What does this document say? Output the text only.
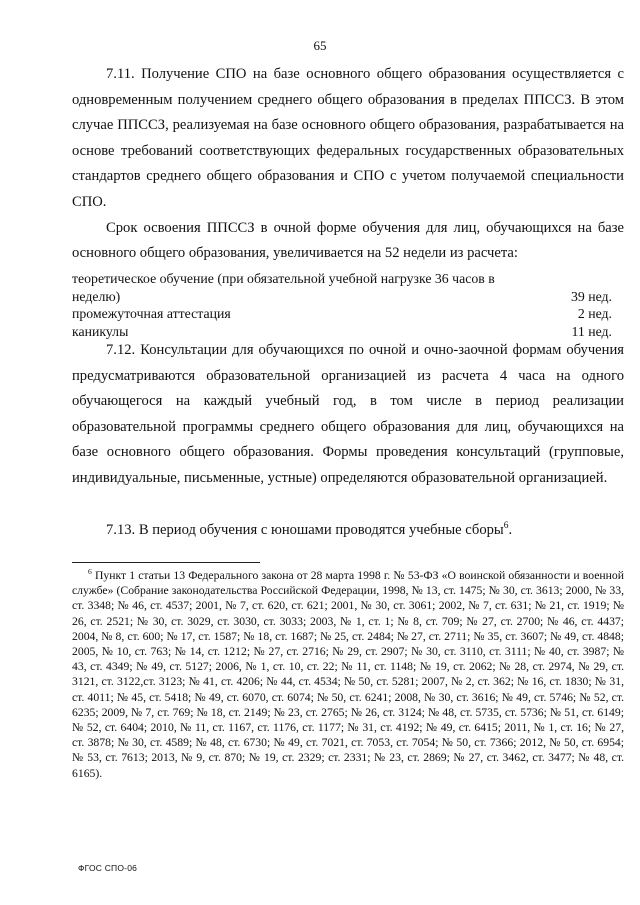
65

7.11. Получение СПО на базе основного общего образования осуществляется с одновременным получением среднего общего образования в пределах ППССЗ. В этом случае ППССЗ, реализуемая на базе основного общего образования, разрабатывается на основе требований соответствующих федеральных государственных образовательных стандартов среднего общего образования и СПО с учетом получаемой специальности СПО.

Срок освоения ППССЗ в очной форме обучения для лиц, обучающихся на базе основного общего образования, увеличивается на 52 недели из расчета:

теоретическое обучение (при обязательной учебной нагрузке 36 часов в
неделю)	39 нед.
промежуточная аттестация	2 нед.
каникулы	11 нед.

7.12. Консультации для обучающихся по очной и очно-заочной формам обучения предусматриваются образовательной организацией из расчета 4 часа на одного обучающегося на каждый учебный год, в том числе в период реализации образовательной программы среднего общего образования для лиц, обучающихся на базе основного общего образования. Формы проведения консультаций (групповые, индивидуальные, письменные, устные) определяются образовательной организацией.

7.13. В период обучения с юношами проводятся учебные сборы$^6$.

$^6$ Пункт 1 статьи 13 Федерального закона от 28 марта 1998 г. № 53-ФЗ «О воинской обязанности и военной службе» (Собрание законодательства Российской Федерации, 1998, № 13, ст. 1475; № 30, ст. 3613; 2000, № 33, ст. 3348; № 46, ст. 4537; 2001, № 7, ст. 620, ст. 621; 2001, № 30, ст. 3061; 2002, № 7, ст. 631; № 21, ст. 1919; № 26, ст. 2521; № 30, ст. 3029, ст. 3030, ст. 3033; 2003, № 1, ст. 1; № 8, ст. 709; № 27, ст. 2700; № 46, ст. 4437; 2004, № 8, ст. 600; № 17, ст. 1587; № 18, ст. 1687; № 25, ст. 2484; № 27, ст. 2711; № 35, ст. 3607; № 49, ст. 4848; 2005, № 10, ст. 763; № 14, ст. 1212; № 27, ст. 2716; № 29, ст. 2907; № 30, ст. 3110, ст. 3111; № 40, ст. 3987; № 43, ст. 4349; № 49, ст. 5127; 2006, № 1, ст. 10, ст. 22; № 11, ст. 1148; № 19, ст. 2062; № 28, ст. 2974, № 29, ст. 3121, ст. 3122,ст. 3123; № 41, ст. 4206; № 44, ст. 4534; № 50, ст. 5281; 2007, № 2, ст. 362; № 16, ст. 1830; № 31, ст. 4011; № 45, ст. 5418; № 49, ст. 6070, ст. 6074; № 50, ст. 6241; 2008, № 30, ст. 3616; № 49, ст. 5746; № 52, ст. 6235; 2009, № 7, ст. 769; № 18, ст. 2149; № 23, ст. 2765; № 26, ст. 3124; № 48, ст. 5735, ст. 5736; № 51, ст. 6149; № 52, ст. 6404; 2010, № 11, ст. 1167, ст. 1176, ст. 1177; № 31, ст. 4192; № 49, ст. 6415; 2011, № 1, ст. 16; № 27, ст. 3878; № 30, ст. 4589; № 48, ст. 6730; № 49, ст. 7021, ст. 7053, ст. 7054; № 50, ст. 7366; 2012, № 50, ст. 6954; № 53, ст. 7613; 2013, № 9, ст. 870; № 19, ст. 2329; ст. 2331; № 23, ст. 2869; № 27, ст. 3462, ст. 3477; № 48, ст. 6165).

ФГОС СПО-06
